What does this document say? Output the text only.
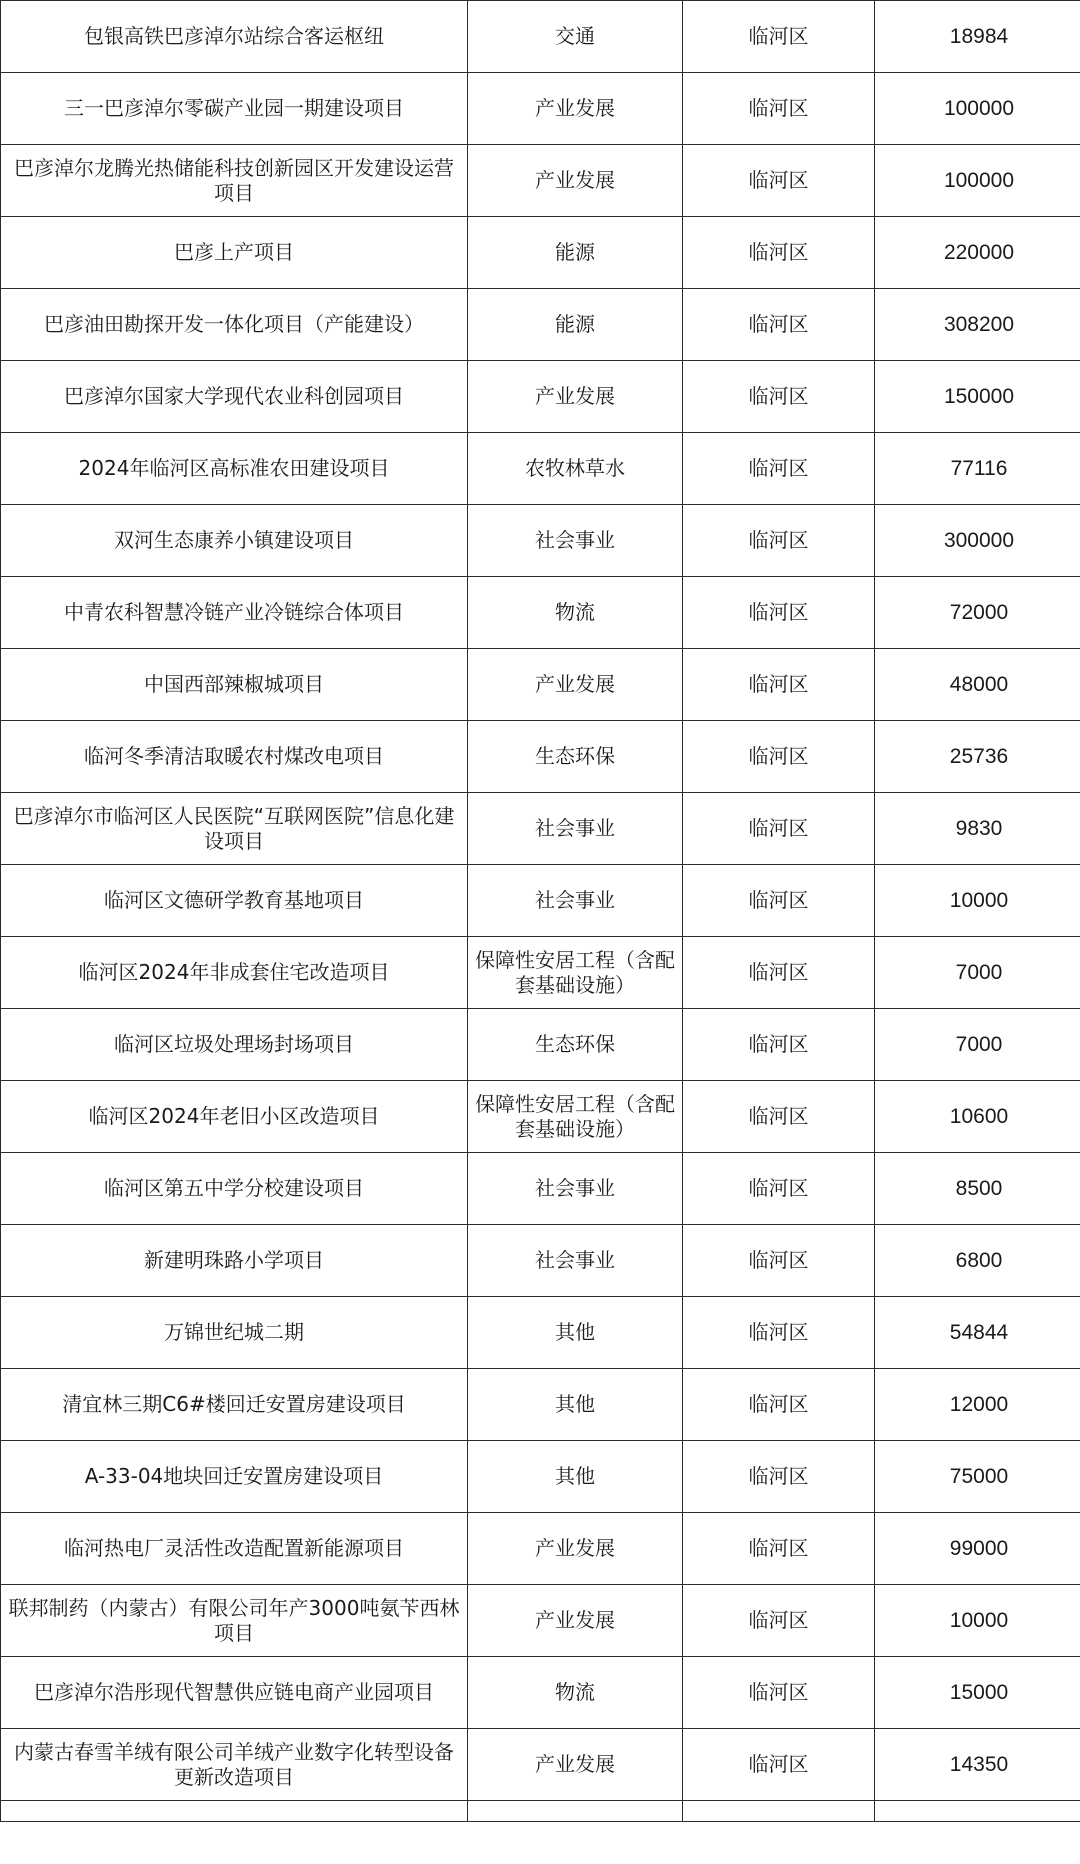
包银高铁巴彦淖尔站综合客运枢纽	交通	临河区	18984
三一巴彦淖尔零碳产业园一期建设项目	产业发展	临河区	100000
巴彦淖尔龙腾光热储能科技创新园区开发建设运营项目	产业发展	临河区	100000
巴彦上产项目	能源	临河区	220000
巴彦油田勘探开发一体化项目（产能建设）	能源	临河区	308200
巴彦淖尔国家大学现代农业科创园项目	产业发展	临河区	150000
2024年临河区高标准农田建设项目	农牧林草水	临河区	77116
双河生态康养小镇建设项目	社会事业	临河区	300000
中青农科智慧冷链产业冷链综合体项目	物流	临河区	72000
中国西部辣椒城项目	产业发展	临河区	48000
临河冬季清洁取暖农村煤改电项目	生态环保	临河区	25736
巴彦淖尔市临河区人民医院“互联网医院”信息化建设项目	社会事业	临河区	9830
临河区文德研学教育基地项目	社会事业	临河区	10000
临河区2024年非成套住宅改造项目	保障性安居工程（含配套基础设施）	临河区	7000
临河区垃圾处理场封场项目	生态环保	临河区	7000
临河区2024年老旧小区改造项目	保障性安居工程（含配套基础设施）	临河区	10600
临河区第五中学分校建设项目	社会事业	临河区	8500
新建明珠路小学项目	社会事业	临河区	6800
万锦世纪城二期	其他	临河区	54844
清宜林三期C6#楼回迁安置房建设项目	其他	临河区	12000
A-33-04地块回迁安置房建设项目	其他	临河区	75000
临河热电厂灵活性改造配置新能源项目	产业发展	临河区	99000
联邦制药（内蒙古）有限公司年产3000吨氨苄西林项目	产业发展	临河区	10000
巴彦淖尔浩彤现代智慧供应链电商产业园项目	物流	临河区	15000
内蒙古春雪羊绒有限公司羊绒产业数字化转型设备更新改造项目	产业发展	临河区	14350
